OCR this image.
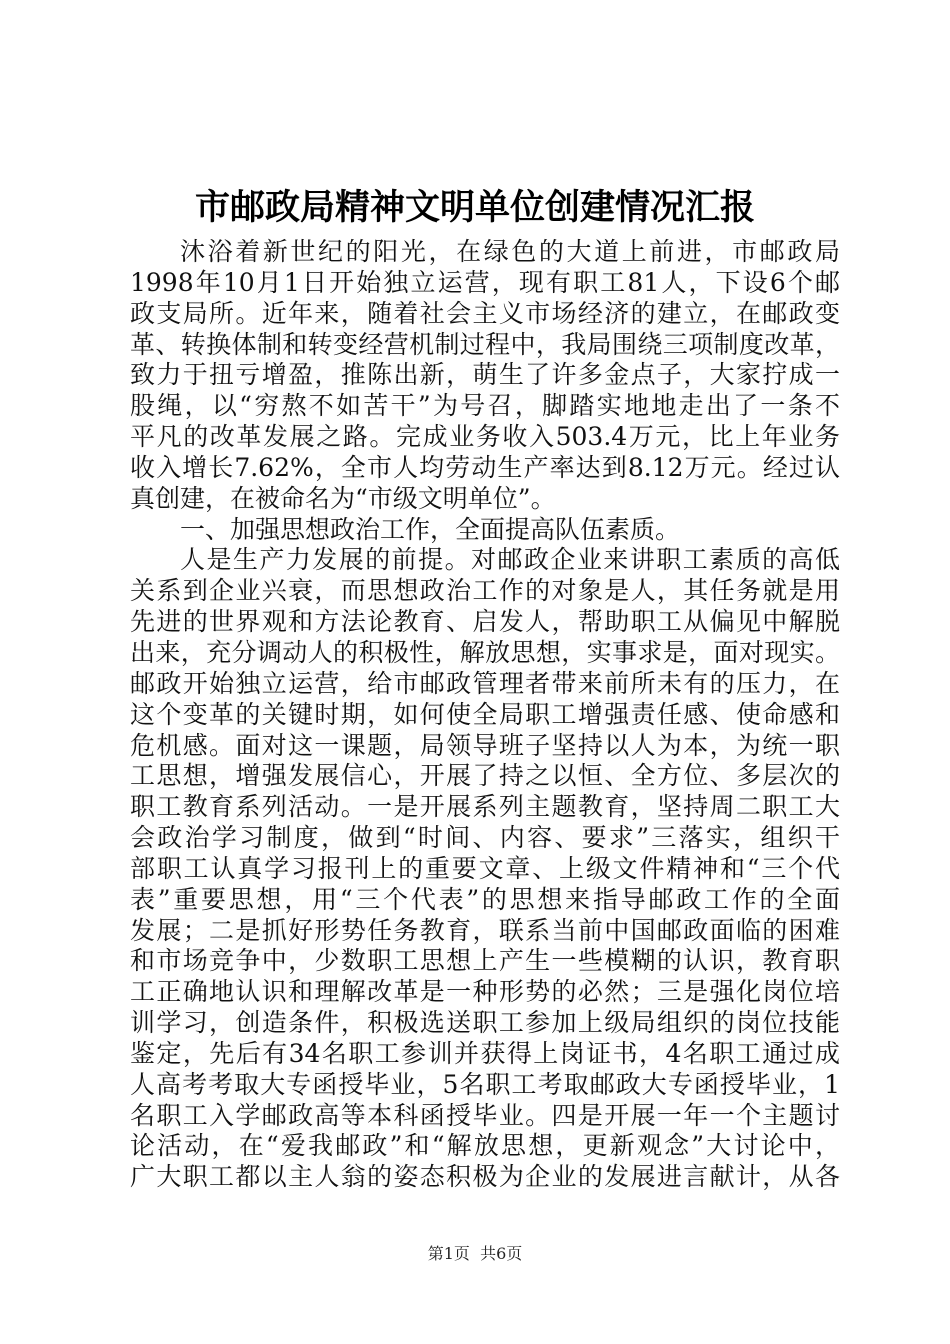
市邮政局精神文明单位创建情况汇报
沐浴着新世纪的阳光，在绿色的大道上前进，市邮政局
1998年10月1日开始独立运营，现有职工81人，下设6个邮
政支局所。近年来，随着社会主义市场经济的建立，在邮政变
革、转换体制和转变经营机制过程中，我局围绕三项制度改革，
致力于扭亏增盈，推陈出新，萌生了许多金点子，大家拧成一
股绳，以“穷熬不如苦干”为号召，脚踏实地地走出了一条不
平凡的改革发展之路。完成业务收入503.4万元，比上年业务
收入增长7.62%，全市人均劳动生产率达到8.12万元。经过认
真创建，在被命名为“市级文明单位”。
一、加强思想政治工作，全面提高队伍素质。
人是生产力发展的前提。对邮政企业来讲职工素质的高低
关系到企业兴衰，而思想政治工作的对象是人，其任务就是用
先进的世界观和方法论教育、启发人，帮助职工从偏见中解脱
出来，充分调动人的积极性，解放思想，实事求是，面对现实。
邮政开始独立运营，给市邮政管理者带来前所未有的压力，在
这个变革的关键时期，如何使全局职工增强责任感、使命感和
危机感。面对这一课题，局领导班子坚持以人为本，为统一职
工思想，增强发展信心，开展了持之以恒、全方位、多层次的
职工教育系列活动。一是开展系列主题教育，坚持周二职工大
会政治学习制度，做到“时间、内容、要求”三落实，组织干
部职工认真学习报刊上的重要文章、上级文件精神和“三个代
表”重要思想，用“三个代表”的思想来指导邮政工作的全面
发展；二是抓好形势任务教育，联系当前中国邮政面临的困难
和市场竞争中，少数职工思想上产生一些模糊的认识，教育职
工正确地认识和理解改革是一种形势的必然；三是强化岗位培
训学习，创造条件，积极选送职工参加上级局组织的岗位技能
鉴定，先后有34名职工参训并获得上岗证书，4名职工通过成
人高考考取大专函授毕业，5名职工考取邮政大专函授毕业，1
名职工入学邮政高等本科函授毕业。四是开展一年一个主题讨
论活动，在“爱我邮政”和“解放思想，更新观念”大讨论中，
广大职工都以主人翁的姿态积极为企业的发展进言献计，从各
第1页 共6页
